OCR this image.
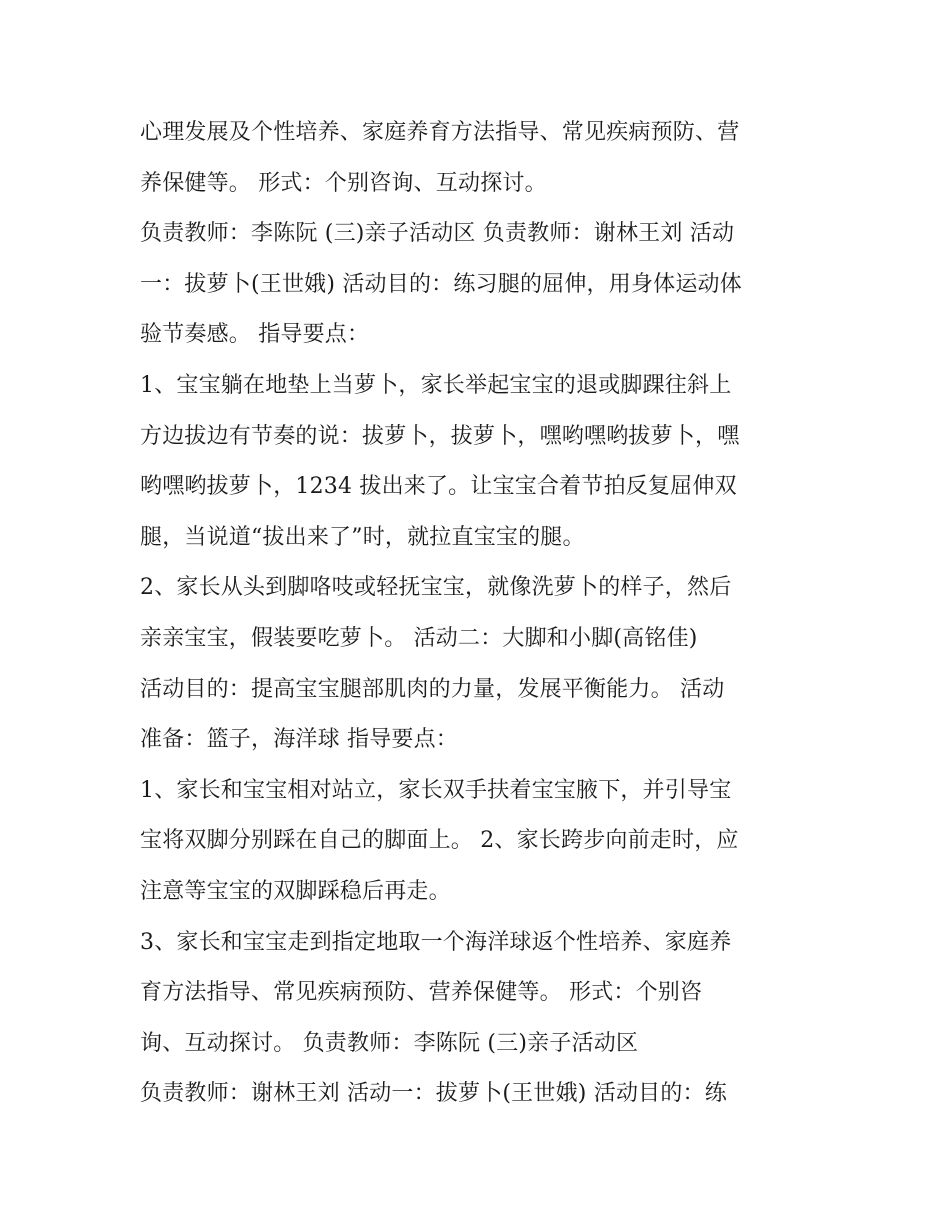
心理发展及个性培养、家庭养育方法指导、常见疾病预防、营
养保健等。 形式：个别咨询、互动探讨。
负责教师：李陈阮 (三)亲子活动区 负责教师：谢林王刘 活动
一：拔萝卜(王世娥) 活动目的：练习腿的屈伸，用身体运动体
验节奏感。 指导要点：
1、宝宝躺在地垫上当萝卜，家长举起宝宝的退或脚踝往斜上
方边拔边有节奏的说：拔萝卜，拔萝卜，嘿哟嘿哟拔萝卜，嘿
哟嘿哟拔萝卜，1234 拔出来了。让宝宝合着节拍反复屈伸双
腿，当说道“拔出来了”时，就拉直宝宝的腿。
2、家长从头到脚咯吱或轻抚宝宝，就像洗萝卜的样子，然后
亲亲宝宝，假装要吃萝卜。 活动二：大脚和小脚(高铭佳)
活动目的：提高宝宝腿部肌肉的力量，发展平衡能力。 活动
准备：篮子，海洋球 指导要点：
1、家长和宝宝相对站立，家长双手扶着宝宝腋下，并引导宝
宝将双脚分别踩在自己的脚面上。 2、家长跨步向前走时，应
注意等宝宝的双脚踩稳后再走。
3、家长和宝宝走到指定地取一个海洋球返个性培养、家庭养
育方法指导、常见疾病预防、营养保健等。 形式：个别咨
询、互动探讨。 负责教师：李陈阮 (三)亲子活动区
负责教师：谢林王刘 活动一：拔萝卜(王世娥) 活动目的：练
